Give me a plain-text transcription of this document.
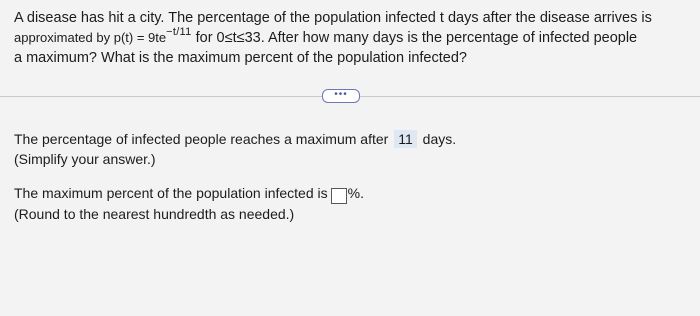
A disease has hit a city. The percentage of the population infected t days after the disease arrives is
approximated by $p(t) = 9te^{-t/11}$ for 0≤t≤33. After how many days is the percentage of infected people
a maximum? What is the maximum percent of the population infected?
•••
The percentage of infected people reaches a maximum after 11 days.
(Simplify your answer.)
The maximum percent of the population infected is %.
(Round to the nearest hundredth as needed.)
